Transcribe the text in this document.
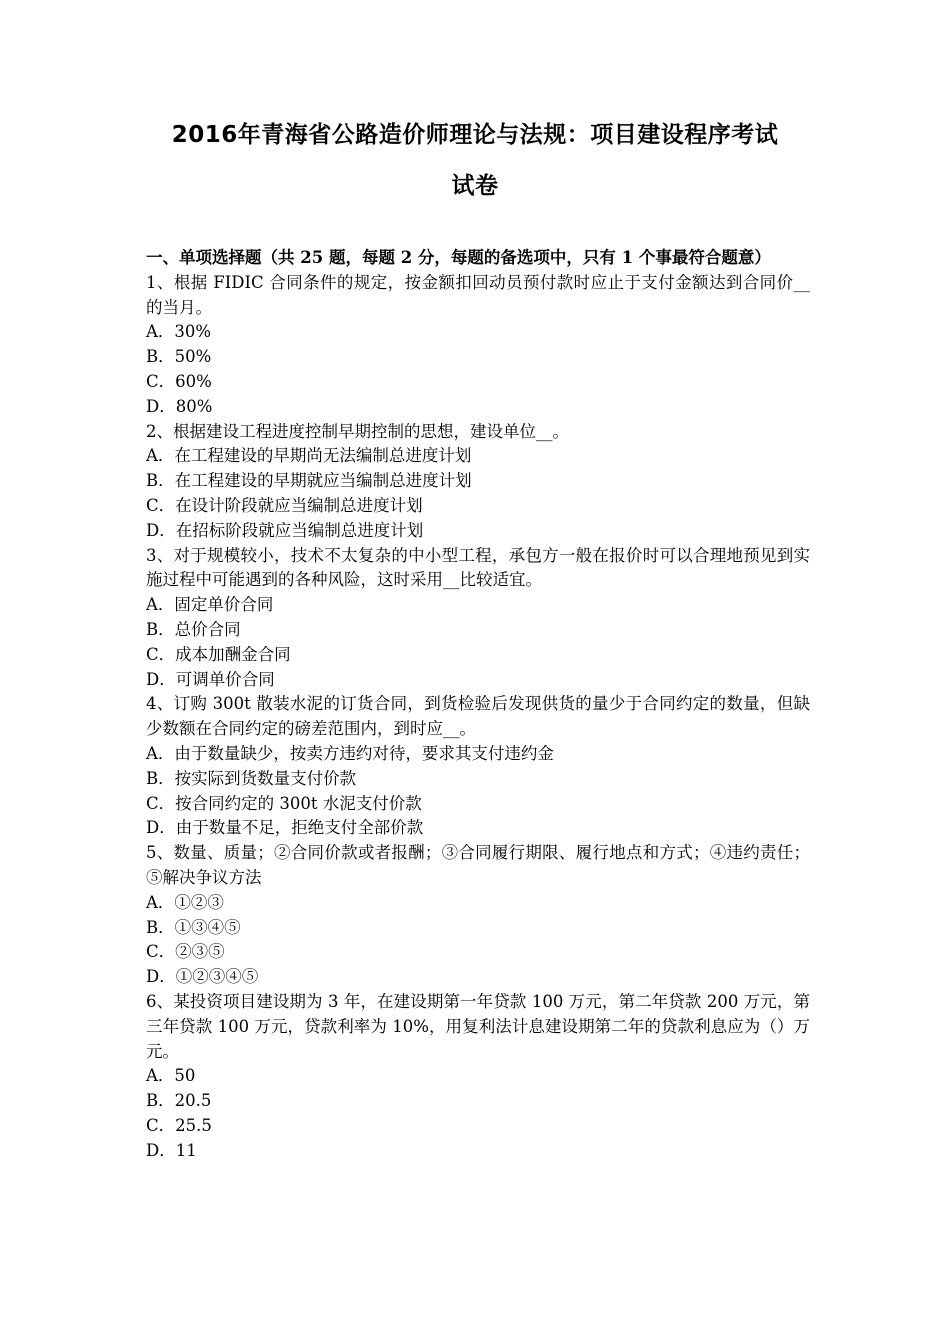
2016年青海省公路造价师理论与法规：项目建设程序考试
试卷

一、单项选择题（共 25 题，每题 2 分，每题的备选项中，只有 1 个事最符合题意）

1、根据 FIDIC 合同条件的规定，按金额扣回动员预付款时应止于支付金额达到合同价__的当月。

A．30%

B．50%

C．60%

D．80%

2、根据建设工程进度控制早期控制的思想，建设单位__。

A．在工程建设的早期尚无法编制总进度计划

B．在工程建设的早期就应当编制总进度计划

C．在设计阶段就应当编制总进度计划

D．在招标阶段就应当编制总进度计划

3、对于规模较小，技术不太复杂的中小型工程，承包方一般在报价时可以合理地预见到实施过程中可能遇到的各种风险，这时采用__比较适宜。

A．固定单价合同

B．总价合同

C．成本加酬金合同

D．可调单价合同

4、订购 300t 散装水泥的订货合同，到货检验后发现供货的量少于合同约定的数量，但缺少数额在合同约定的磅差范围内，到时应__。

A．由于数量缺少，按卖方违约对待，要求其支付违约金

B．按实际到货数量支付价款

C．按合同约定的 300t 水泥支付价款

D．由于数量不足，拒绝支付全部价款

5、数量、质量；②合同价款或者报酬；③合同履行期限、履行地点和方式；④违约责任；⑤解决争议方法

A．①②③

B．①③④⑤

C．②③⑤

D．①②③④⑤

6、某投资项目建设期为 3 年，在建设期第一年贷款 100 万元，第二年贷款 200 万元，第三年贷款 100 万元，贷款利率为 10%，用复利法计息建设期第二年的贷款利息应为（）万元。

A．50

B．20.5

C．25.5

D．11
